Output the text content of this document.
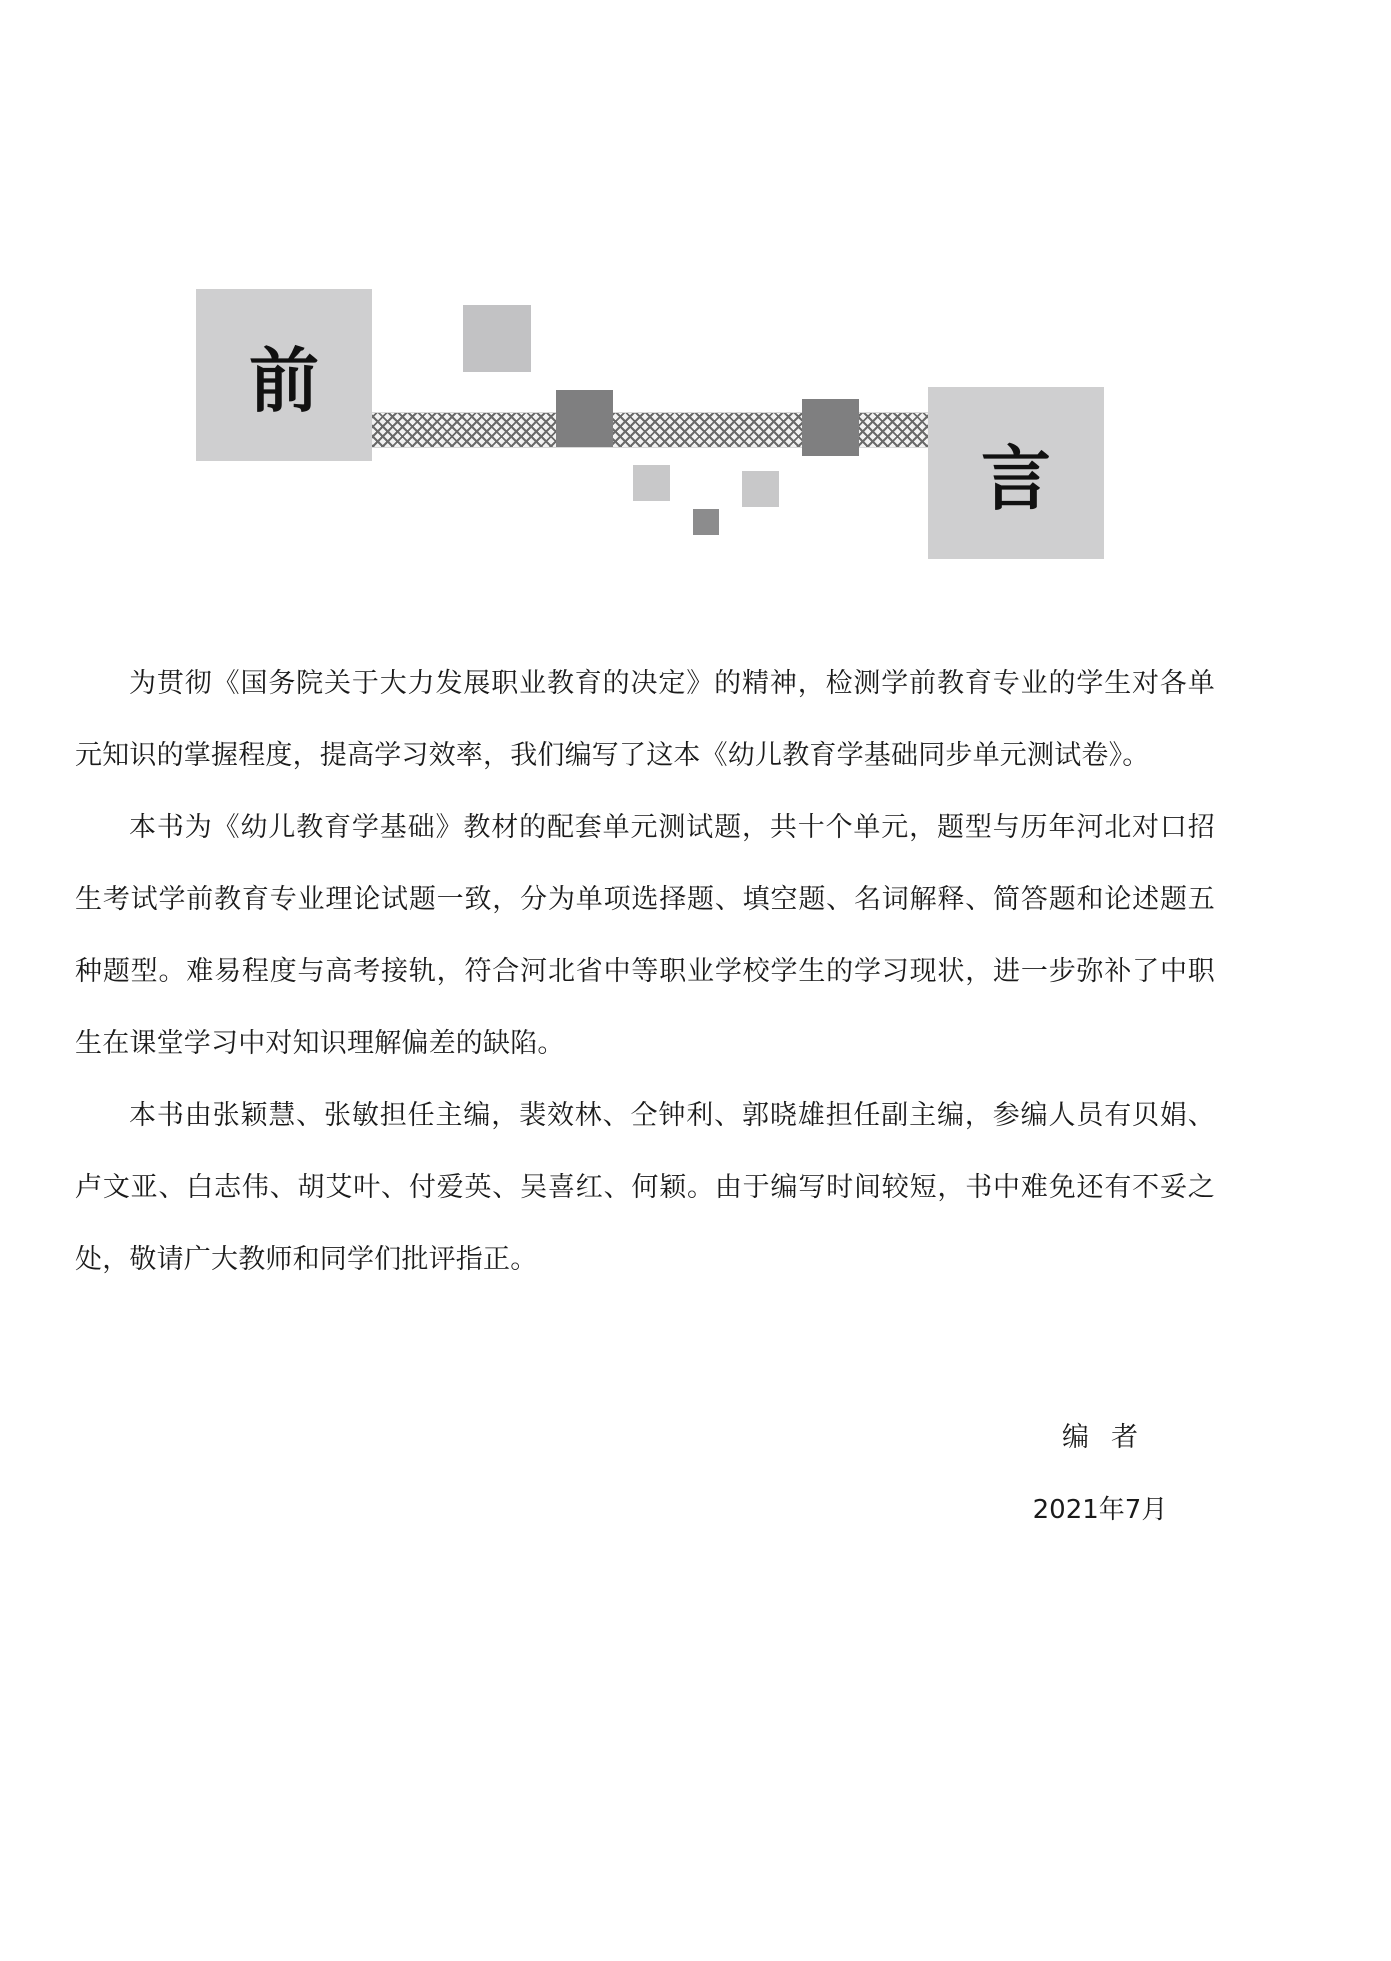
前
言

为贯彻《国务院关于大力发展职业教育的决定》的精神，检测学前教育专业的学生对各单元知识的掌握程度，提高学习效率，我们编写了这本《幼儿教育学基础同步单元测试卷》。

本书为《幼儿教育学基础》教材的配套单元测试题，共十个单元，题型与历年河北对口招生考试学前教育专业理论试题一致，分为单项选择题、填空题、名词解释、简答题和论述题五种题型。难易程度与高考接轨，符合河北省中等职业学校学生的学习现状，进一步弥补了中职生在课堂学习中对知识理解偏差的缺陷。

本书由张颖慧、张敏担任主编，裴效林、仝钟利、郭晓雄担任副主编，参编人员有贝娟、卢文亚、白志伟、胡艾叶、付爱英、吴喜红、何颖。由于编写时间较短，书中难免还有不妥之处，敬请广大教师和同学们批评指正。

编者
2021年7月
